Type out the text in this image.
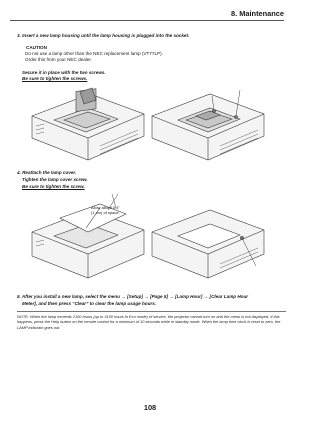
8. Maintenance
3. Insert a new lamp housing until the lamp housing is plugged into the socket.
CAUTION
Do not use a lamp other than the NEC replacement lamp (VT77LP).
Order this from your NEC dealer.
Secure it in place with the two screws.
Be sure to tighten the screws.
4. Reattach the lamp cover.
Tighten the lamp cover screw.
Be sure to tighten the screw.
Allow about 0.4"
(1 cm) of space.
5. After you install a new lamp, select the menu → [Setup] → [Page 5] → [Lamp Hour] → [Clear Lamp Hour
Meter], and then press “Clear” to clear the lamp usage hours.
NOTE: When the lamp exceeds 2100 hours (up to 3100 hours in Eco mode) of service, the projector cannot turn on and the menu is not displayed. If this happens, press the Help button on the remote control for a minimum of 10 seconds while in standby mode. When the lamp time clock is reset to zero, the LAMP indicator goes out.
108
